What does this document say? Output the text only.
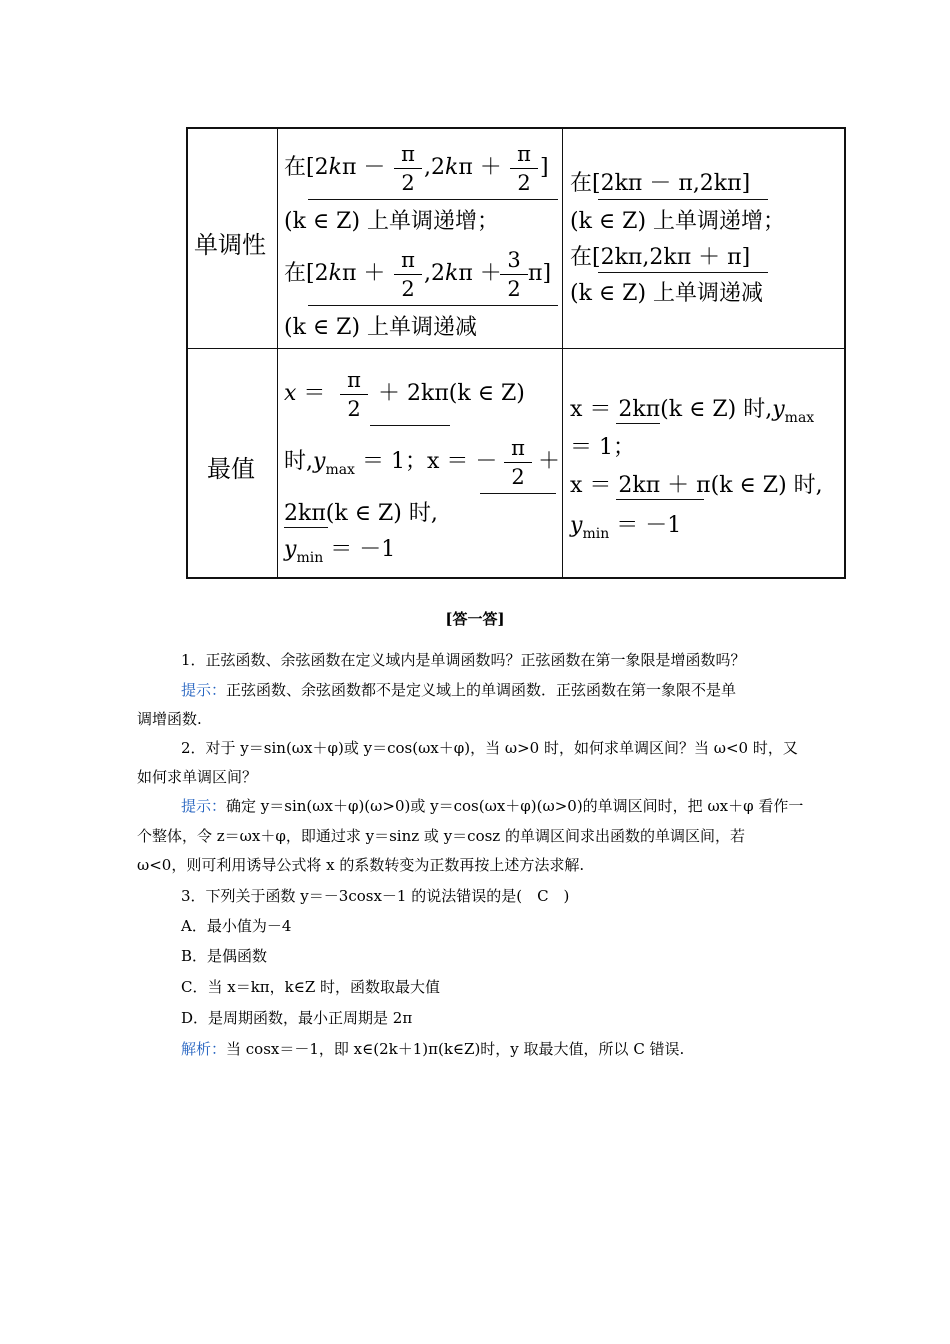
单调性
最值
在[2kπ －
π
2
,2kπ ＋
π
2
]
(k ∈ Z) 上单调递增；
在[2kπ ＋
π
2
,2kπ ＋
3
2
π]
(k ∈ Z) 上单调递减
在[2kπ － π,2kπ]
(k ∈ Z) 上单调递增；
在[2kπ,2kπ ＋ π]
(k ∈ Z) 上单调递减
x ＝
π
2
＋ 2kπ(k ∈ Z)
时$,y_{max} = 1$；x ＝ －
π
2
＋
2kπ(k ∈ Z) 时,
$y_{min} = -1$
x ＝ 2kπ(k ∈ Z) 时$,y_{max}$
＝ 1；
x ＝ 2kπ ＋ π(k ∈ Z) 时,
$y_{min} = -1$
[答一答]
1．正弦函数、余弦函数在定义域内是单调函数吗？正弦函数在第一象限是增函数吗？
提示：正弦函数、余弦函数都不是定义域上的单调函数．正弦函数在第一象限不是单
调增函数.
2．对于 y＝sin(ωx＋φ)或 y＝cos(ωx＋φ)，当 ω>0 时，如何求单调区间？当 ω<0 时，又
如何求单调区间？
提示：确定 y＝sin(ωx＋φ)(ω>0)或 y＝cos(ωx＋φ)(ω>0)的单调区间时，把 ωx＋φ 看作一
个整体，令 z＝ωx＋φ，即通过求 y＝sinz 或 y＝cosz 的单调区间求出函数的单调区间，若
ω<0，则可利用诱导公式将 x 的系数转变为正数再按上述方法求解.
3．下列关于函数 y＝－3cosx－1 的说法错误的是(　C　)
A．最小值为－4
B．是偶函数
C．当 x＝kπ，k∈Z 时，函数取最大值
D．是周期函数，最小正周期是 2π
解析：当 cosx＝－1，即 x∈(2k＋1)π(k∈Z)时，y 取最大值，所以 C 错误.
